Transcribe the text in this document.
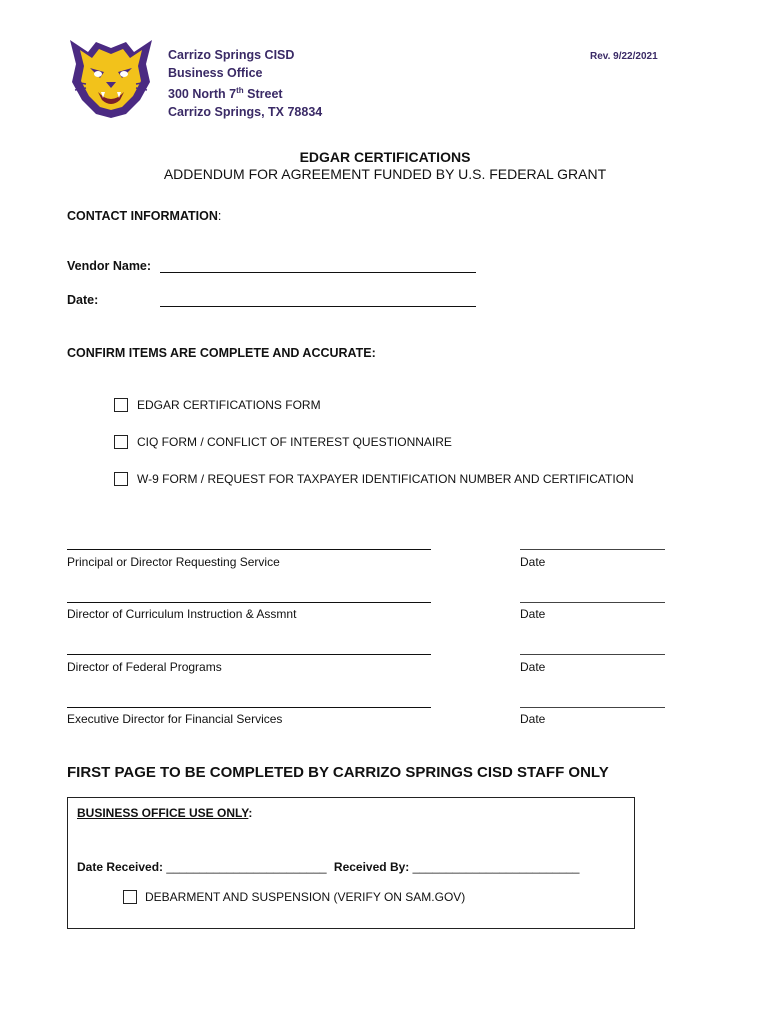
Carrizo Springs CISD
Business Office
300 North 7th Street
Carrizo Springs, TX 78834
Rev. 9/22/2021
EDGAR CERTIFICATIONS
ADDENDUM FOR AGREEMENT FUNDED BY U.S. FEDERAL GRANT
CONTACT INFORMATION:
Vendor Name:
Date:
CONFIRM ITEMS ARE COMPLETE AND ACCURATE:
EDGAR CERTIFICATIONS FORM
CIQ FORM / CONFLICT OF INTEREST QUESTIONNAIRE
W-9 FORM / REQUEST FOR TAXPAYER IDENTIFICATION NUMBER AND CERTIFICATION
Principal or Director Requesting Service	Date
Director of Curriculum Instruction & Assmnt	Date
Director of Federal Programs	Date
Executive Director for Financial Services	Date
FIRST PAGE TO BE COMPLETED BY CARRIZO SPRINGS CISD STAFF ONLY
BUSINESS OFFICE USE ONLY:
Date Received: ________________________ Received By: _________________________
DEBARMENT AND SUSPENSION (VERIFY ON SAM.GOV)
